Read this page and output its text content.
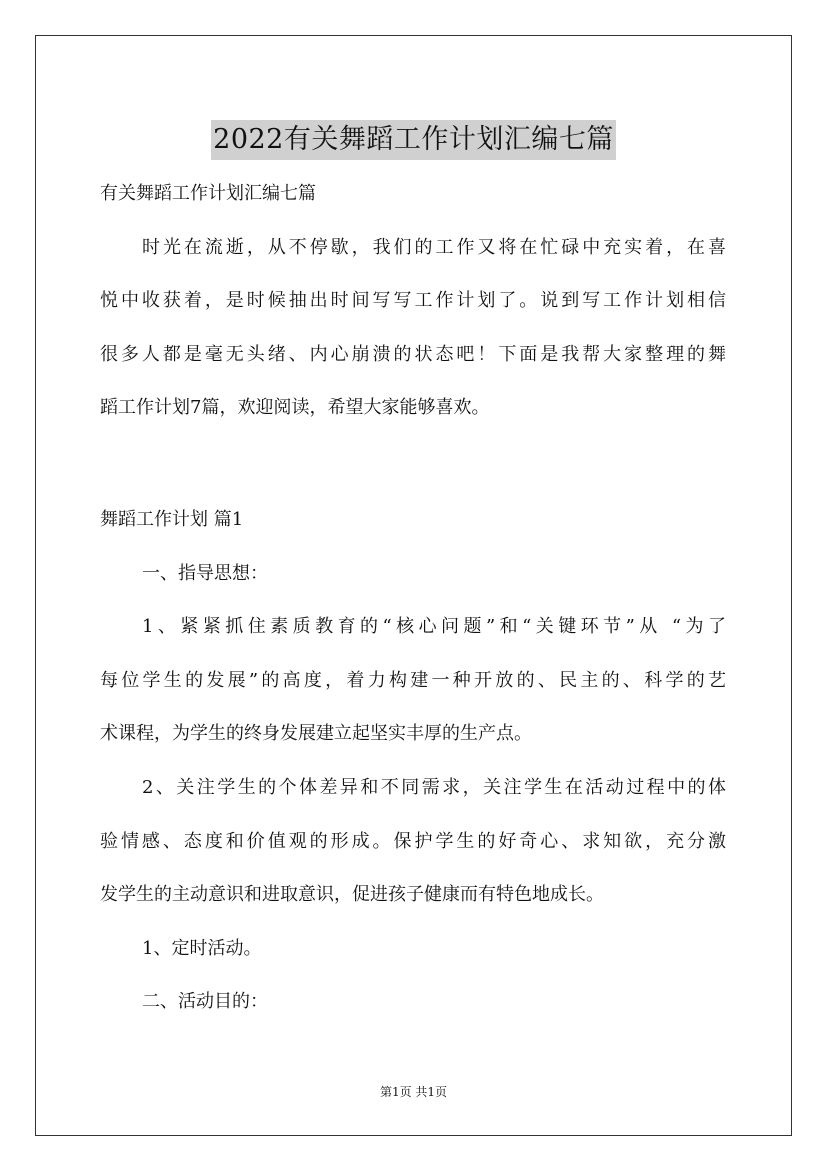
2022有关舞蹈工作计划汇编七篇
有关舞蹈工作计划汇编七篇
时光在流逝，从不停歇，我们的工作又将在忙碌中充实着，在喜
悦中收获着，是时候抽出时间写写工作计划了。说到写工作计划相信
很多人都是毫无头绪、内心崩溃的状态吧！下面是我帮大家整理的舞
蹈工作计划7篇，欢迎阅读，希望大家能够喜欢。
舞蹈工作计划 篇1
一、指导思想：
1、紧紧抓住素质教育的“核心问题”和“关键环节”从 “为了
每位学生的发展”的高度，着力构建一种开放的、民主的、科学的艺
术课程，为学生的终身发展建立起坚实丰厚的生产点。
2、关注学生的个体差异和不同需求，关注学生在活动过程中的体
验情感、态度和价值观的形成。保护学生的好奇心、求知欲，充分激
发学生的主动意识和进取意识，促进孩子健康而有特色地成长。
1、定时活动。
二、活动目的：
第1页 共1页
